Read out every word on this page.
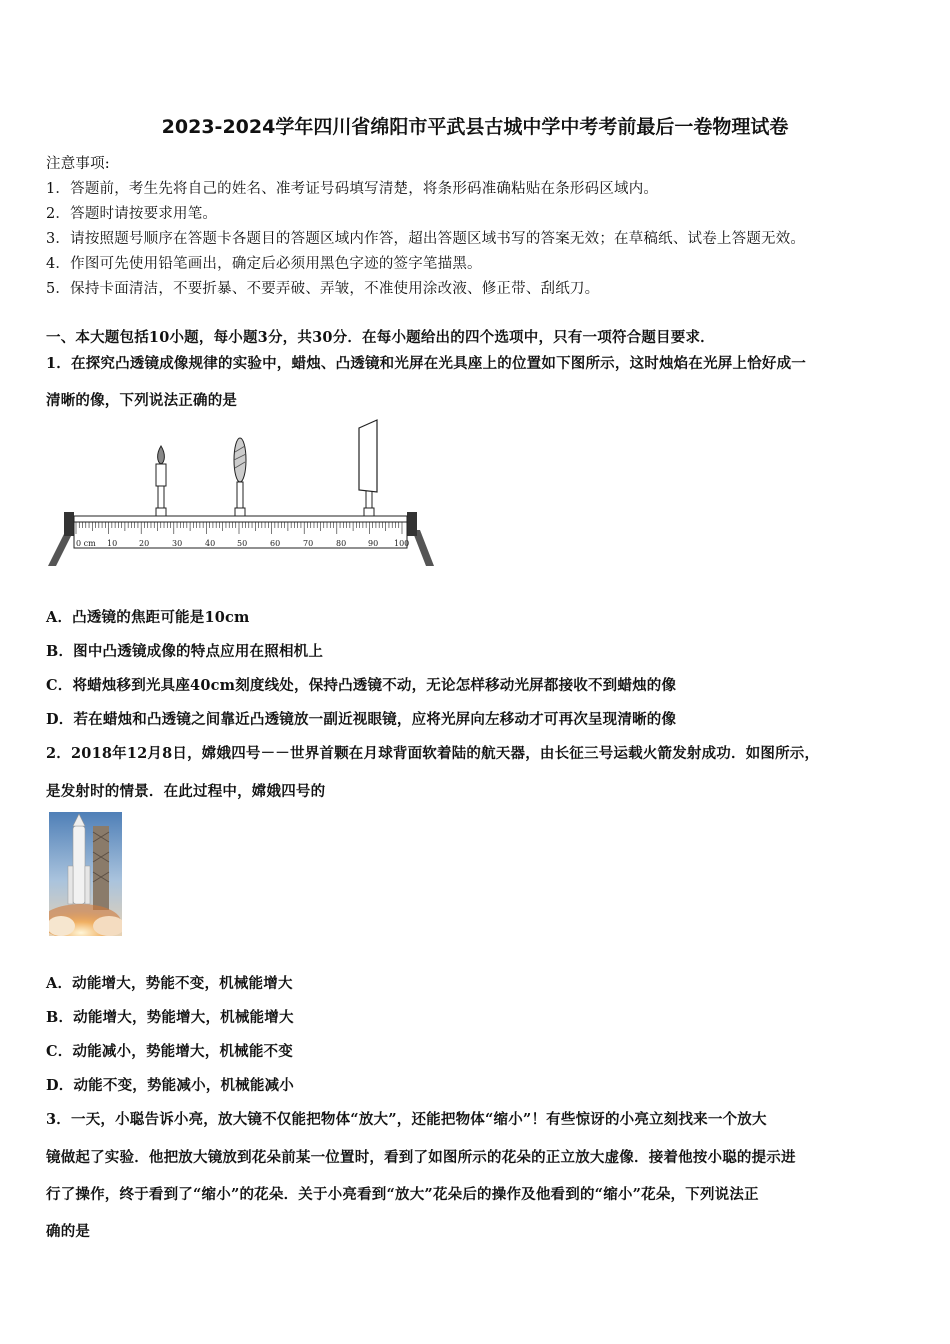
2023-2024学年四川省绵阳市平武县古城中学中考考前最后一卷物理试卷
注意事项:
1．答题前，考生先将自己的姓名、准考证号码填写清楚，将条形码准确粘贴在条形码区域内。
2．答题时请按要求用笔。
3．请按照题号顺序在答题卡各题目的答题区域内作答，超出答题区域书写的答案无效；在草稿纸、试卷上答题无效。
4．作图可先使用铅笔画出，确定后必须用黑色字迹的签字笔描黑。
5．保持卡面清洁，不要折暴、不要弄破、弄皱，不准使用涂改液、修正带、刮纸刀。
一、本大题包括10小题，每小题3分，共30分．在每小题给出的四个选项中，只有一项符合题目要求．
1．在探究凸透镜成像规律的实验中，蜡烛、凸透镜和光屏在光具座上的位置如下图所示，这时烛焰在光屏上恰好成一
清晰的像，下列说法正确的是
0 cm 10	20	30	40	50	60	70	80	90 100
A．凸透镜的焦距可能是10cm
B．图中凸透镜成像的特点应用在照相机上
C．将蜡烛移到光具座40cm刻度线处，保持凸透镜不动，无论怎样移动光屏都接收不到蜡烛的像
D．若在蜡烛和凸透镜之间靠近凸透镜放一副近视眼镜，应将光屏向左移动才可再次呈现清晰的像
2．2018年12月8日，嫦娥四号－－世界首颗在月球背面软着陆的航天器，由长征三号运载火箭发射成功．如图所示，
是发射时的情景．在此过程中，嫦娥四号的
A．动能增大，势能不变，机械能增大
B．动能增大，势能增大，机械能增大
C．动能减小，势能增大，机械能不变
D．动能不变，势能减小，机械能减小
3．一天，小聪告诉小亮，放大镜不仅能把物体“放大”，还能把物体“缩小”！有些惊讶的小亮立刻找来一个放大
镜做起了实验．他把放大镜放到花朵前某一位置时，看到了如图所示的花朵的正立放大虚像．接着他按小聪的提示进
行了操作，终于看到了“缩小”的花朵．关于小亮看到“放大”花朵后的操作及他看到的“缩小”花朵，下列说法正
确的是
